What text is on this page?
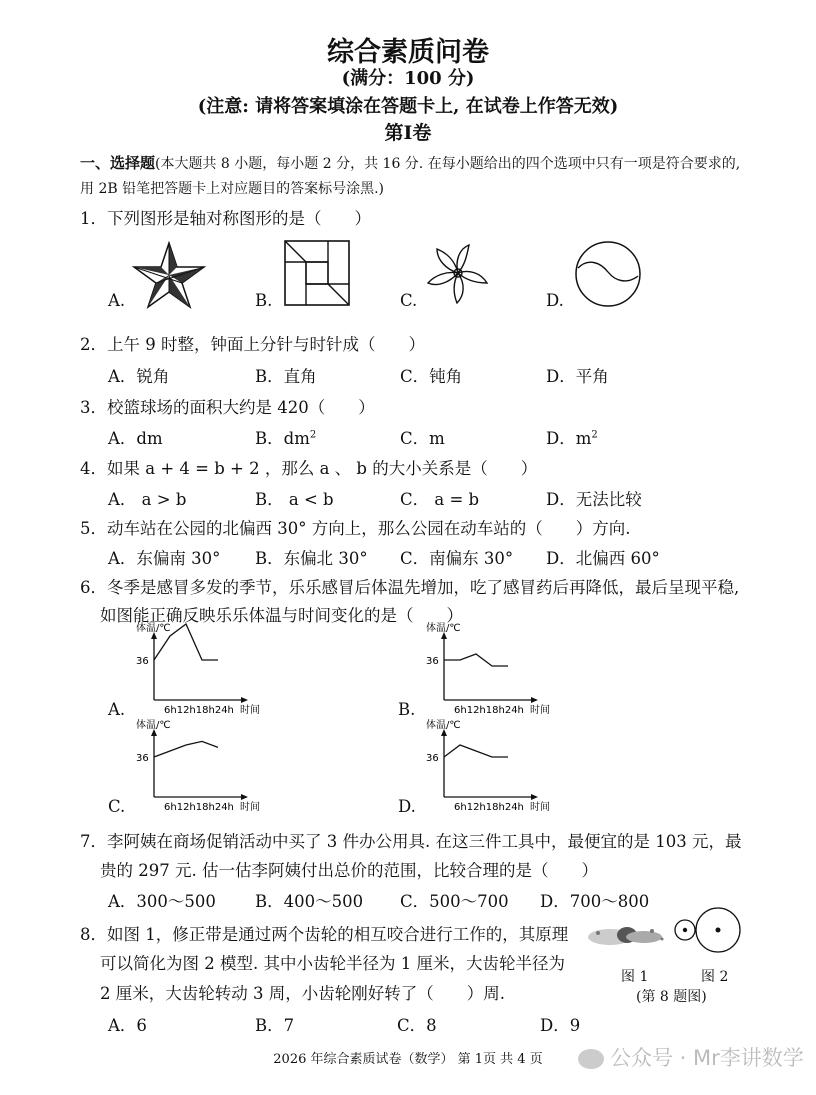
综合素质问卷
(满分：100 分)
(注意: 请将答案填涂在答题卡上, 在试卷上作答无效)
第I卷
一、选择题(本大题共 8 小题，每小题 2 分，共 16 分. 在每小题给出的四个选项中只有一项是符合要求的,
用 2B 铅笔把答题卡上对应题目的答案标号涂黑.)
1．下列图形是轴对称图形的是（　　）
A.	B.	C.	D.
2．上午 9 时整，钟面上分针与时针成（　　）
A．锐角	B．直角	C．钝角	D．平角
3．校篮球场的面积大约是 420（　　）
A．dm	B．$dm^2$	C．m	D．$m^2$
4．如果 a + 4 = b + 2 ，那么 a 、 b 的大小关系是（　　）
A． a > b	B． a < b	C． a = b	D．无法比较
5．动车站在公园的北偏西 30° 方向上，那么公园在动车站的（　　）方向.
A．东偏南 30° B．东偏北 30° C．南偏东 30° D．北偏西 60°
6．冬季是感冒多发的季节，乐乐感冒后体温先增加，吃了感冒药后再降低，最后呈现平稳,
如图能正确反映乐乐体温与时间变化的是（　　）
体温/℃
36
6h12h18h24h 时间
体温/℃
36
6h12h18h24h 时间
体温/℃
36
6h12h18h24h 时间
体温/℃
36
6h12h18h24h 时间
A.	B.
C.	D.
7．李阿姨在商场促销活动中买了 3 件办公用具. 在这三件工具中，最便宜的是 103 元，最
贵的 297 元. 估一估李阿姨付出总价的范围，比较合理的是（　　）
A．300～500 B．400～500 C．500～700 D．700～800
8．如图 1，修正带是通过两个齿轮的相互咬合进行工作的，其原理
可以简化为图 2 模型. 其中小齿轮半径为 1 厘米，大齿轮半径为
2 厘米，大齿轮转动 3 周，小齿轮刚好转了（　　）周.
A．6	B．7	C．8	D．9
图 1	图 2
(第 8 题图)
2026 年综合素质试卷（数学） 第 1页 共 4 页	公众号 · Mr李讲数学
